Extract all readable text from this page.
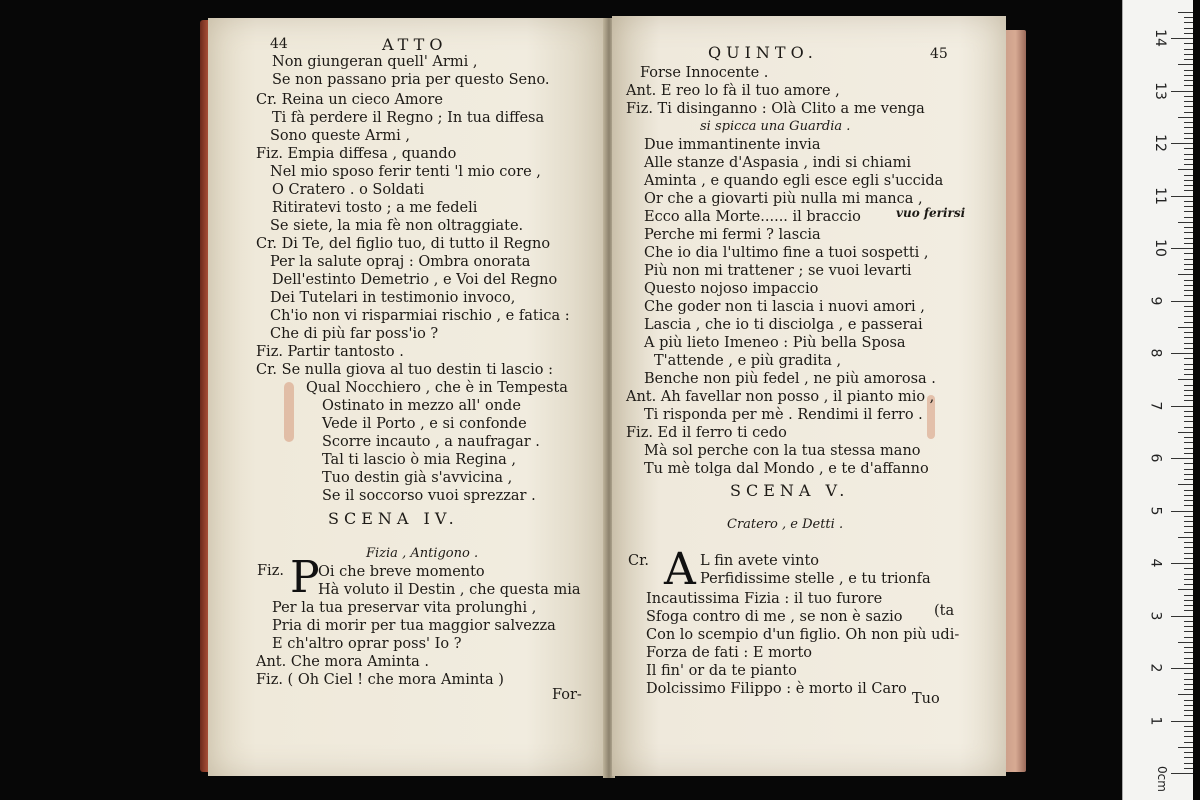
44	ATTO
Non giungeran quell' Armi ,
Se non passano pria per questo Seno.
Cr. Reina un cieco Amore
Ti fà perdere il Regno ; In tua diffesa
Sono queste Armi ,
Fiz. Empia diffesa , quando
Nel mio sposo ferir tenti 'l mio core ,
O Cratero . o Soldati
Ritiratevi tosto ; a me fedeli
Se siete, la mia fè non oltraggiate.
Cr. Di Te, del figlio tuo, di tutto il Regno
Per la salute opraj : Ombra onorata
Dell'estinto Demetrio , e Voi del Regno
Dei Tutelari in testimonio invoco,
Ch'io non vi risparmiai rischio , e fatica :
Che di più far poss'io ?
Fiz. Partir tantosto .
Cr. Se nulla giova al tuo destin ti lascio :
Qual Nocchiero , che è in Tempesta
Ostinato in mezzo all' onde
Vede il Porto , e si confonde
Scorre incauto , a naufragar .
Tal ti lascio ò mia Regina ,
Tuo destin già s'avvicina ,
Se il soccorso vuoi sprezzar .
SCENA IV.
Fizia , Antigono .
Fiz. P
Oi che breve momento
Hà voluto il Destin , che questa mia
Per la tua preservar vita prolunghi ,
Pria di morir per tua maggior salvezza
E ch'altro oprar poss' Io ?
Ant. Che mora Aminta .
Fiz. ( Oh Ciel ! che mora Aminta )
For-
QUINTO.	45
Forse Innocente .
Ant. E reo lo fà il tuo amore ,
Fiz. Ti disinganno : Olà Clito a me venga
si spicca una Guardia .
Due immantinente invia
Alle stanze d'Aspasia , indi si chiami
Aminta , e quando egli esce egli s'uccida
Or che a giovarti più nulla mi manca ,
Ecco alla Morte...... il braccio
Perche mi fermi ? lascia
Che io dia l'ultimo fine a tuoi sospetti ,
Più non mi trattener ; se vuoi levarti
Questo nojoso impaccio
Che goder non ti lascia i nuovi amori ,
Lascia , che io ti disciolga , e passerai
A più lieto Imeneo : Più bella Sposa
T'attende , e più gradita ,
Benche non più fedel , ne più amorosa .
Ant. Ah favellar non posso , il pianto mio ,
Ti risponda per mè . Rendimi il ferro .
Fiz. Ed il ferro ti cedo
Mà sol perche con la tua stessa mano
Tu mè tolga dal Mondo , e te d'affanno
vuo ferirsi
SCENA V.
Cratero , e Detti .
Cr. A L fin avete vinto
Perfidissime stelle , e tu trionfa
Incautissima Fizia : il tuo furore
Sfoga contro di me , se non è sazio
Con lo scempio d'un figlio. Oh non più udi-
Forza de fati : E morto
Il fin' or da te pianto
Dolcissimo Filippo : è morto il Caro
(ta
Tuo
1
2
3
4
5
6
7
8
9
10
11
12
13
14
0cm
